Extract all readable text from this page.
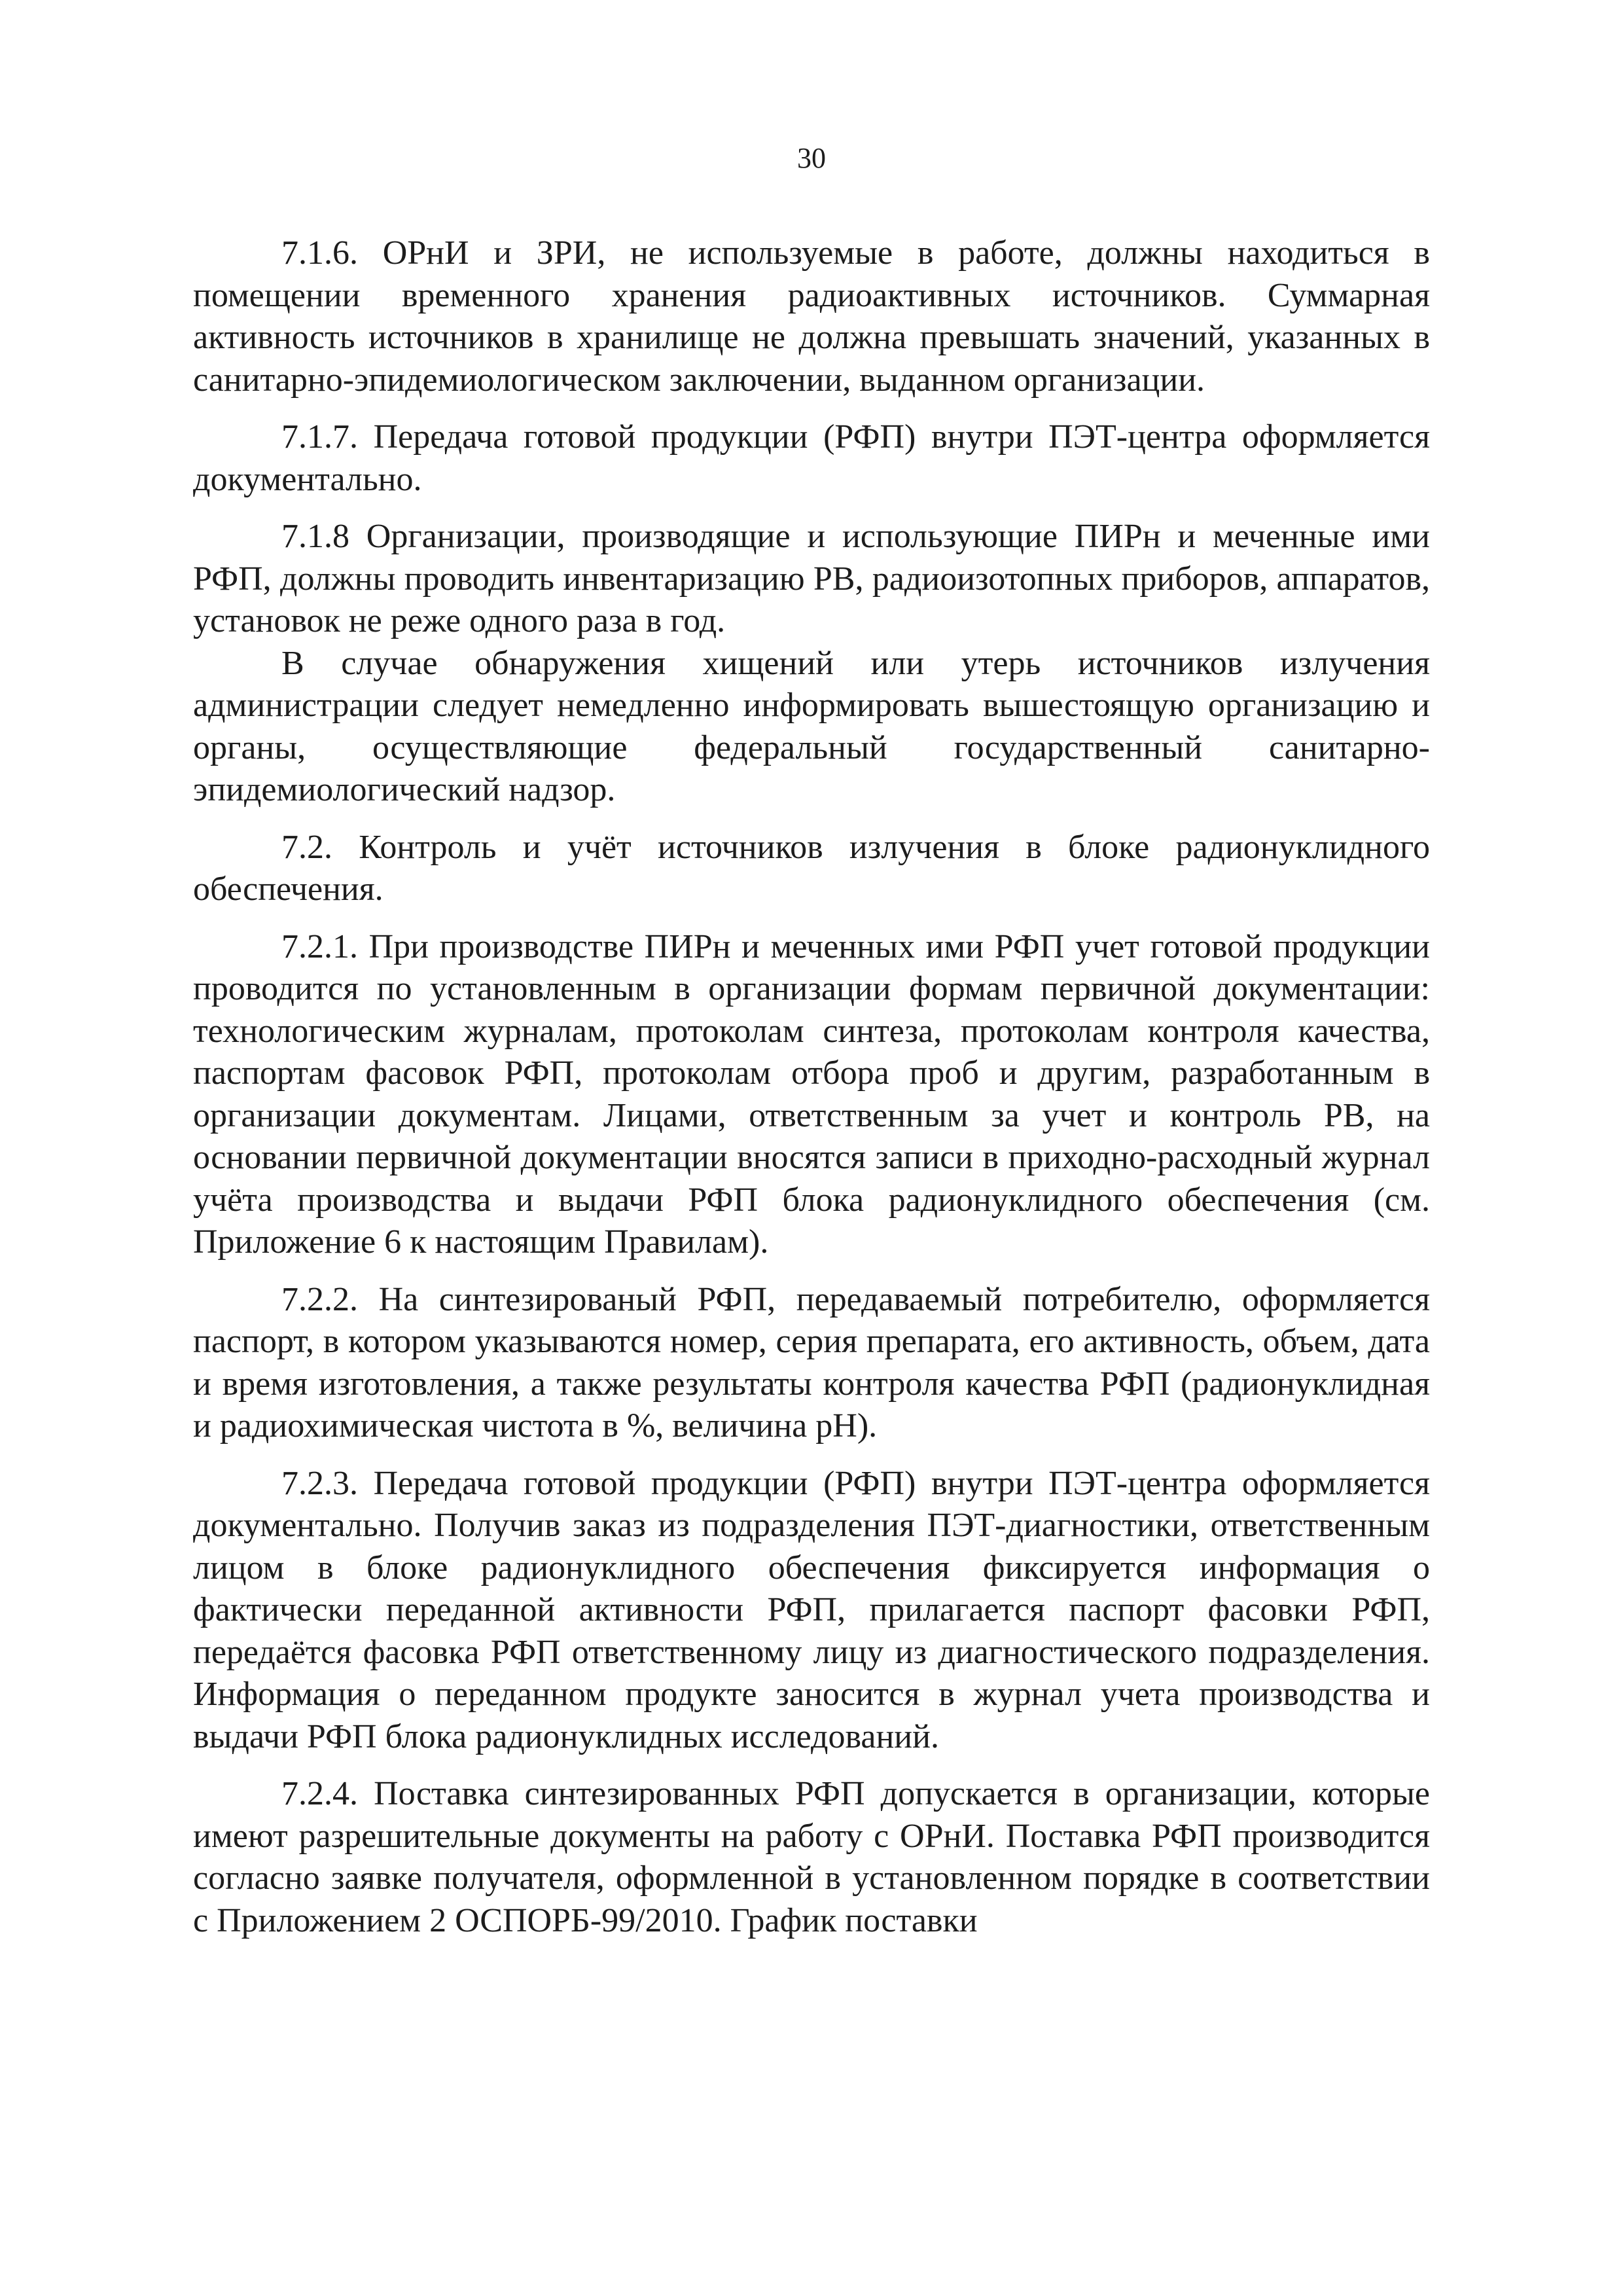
30

7.1.6. ОРнИ и ЗРИ, не используемые в работе, должны находиться в помещении временного хранения радиоактивных источников. Суммарная активность источников в хранилище не должна превышать значений, указанных в санитарно-эпидемиологическом заключении, выданном организации.

7.1.7. Передача готовой продукции (РФП) внутри ПЭТ-центра оформляется документально.

7.1.8 Организации, производящие и использующие ПИРн и меченные ими РФП, должны проводить инвентаризацию РВ, радиоизотопных приборов, аппаратов, установок не реже одного раза в год.

В случае обнаружения хищений или утерь источников излучения администрации следует немедленно информировать вышестоящую организацию и органы, осуществляющие федеральный государственный санитарно-эпидемиологический надзор.

7.2. Контроль и учёт источников излучения в блоке радионуклидного обеспечения.

7.2.1. При производстве ПИРн и меченных ими РФП учет готовой продукции проводится по установленным в организации формам первичной документации: технологическим журналам, протоколам синтеза, протоколам контроля качества, паспортам фасовок РФП, протоколам отбора проб и другим, разработанным в организации документам. Лицами, ответственным за учет и контроль РВ, на основании первичной документации вносятся записи в приходно-расходный журнал учёта производства и выдачи РФП блока радионуклидного обеспечения (см. Приложение 6 к настоящим Правилам).

7.2.2. На синтезированый РФП, передаваемый потребителю, оформляется паспорт, в котором указываются номер, серия препарата, его активность, объем, дата и время изготовления, а также результаты контроля качества РФП (радионуклидная и радиохимическая чистота в %, величина рН).

7.2.3. Передача готовой продукции (РФП) внутри ПЭТ-центра оформляется документально. Получив заказ из подразделения ПЭТ-диагностики, ответственным лицом в блоке радионуклидного обеспечения фиксируется информация о фактически переданной активности РФП, прилагается паспорт фасовки РФП, передаётся фасовка РФП ответственному лицу из диагностического подразделения. Информация о переданном продукте заносится в журнал учета производства и выдачи РФП блока радионуклидных исследований.

7.2.4. Поставка синтезированных РФП допускается в организации, которые имеют разрешительные документы на работу с ОРнИ. Поставка РФП производится согласно заявке получателя, оформленной в установленном порядке в соответствии с Приложением 2 ОСПОРБ-99/2010. График поставки
